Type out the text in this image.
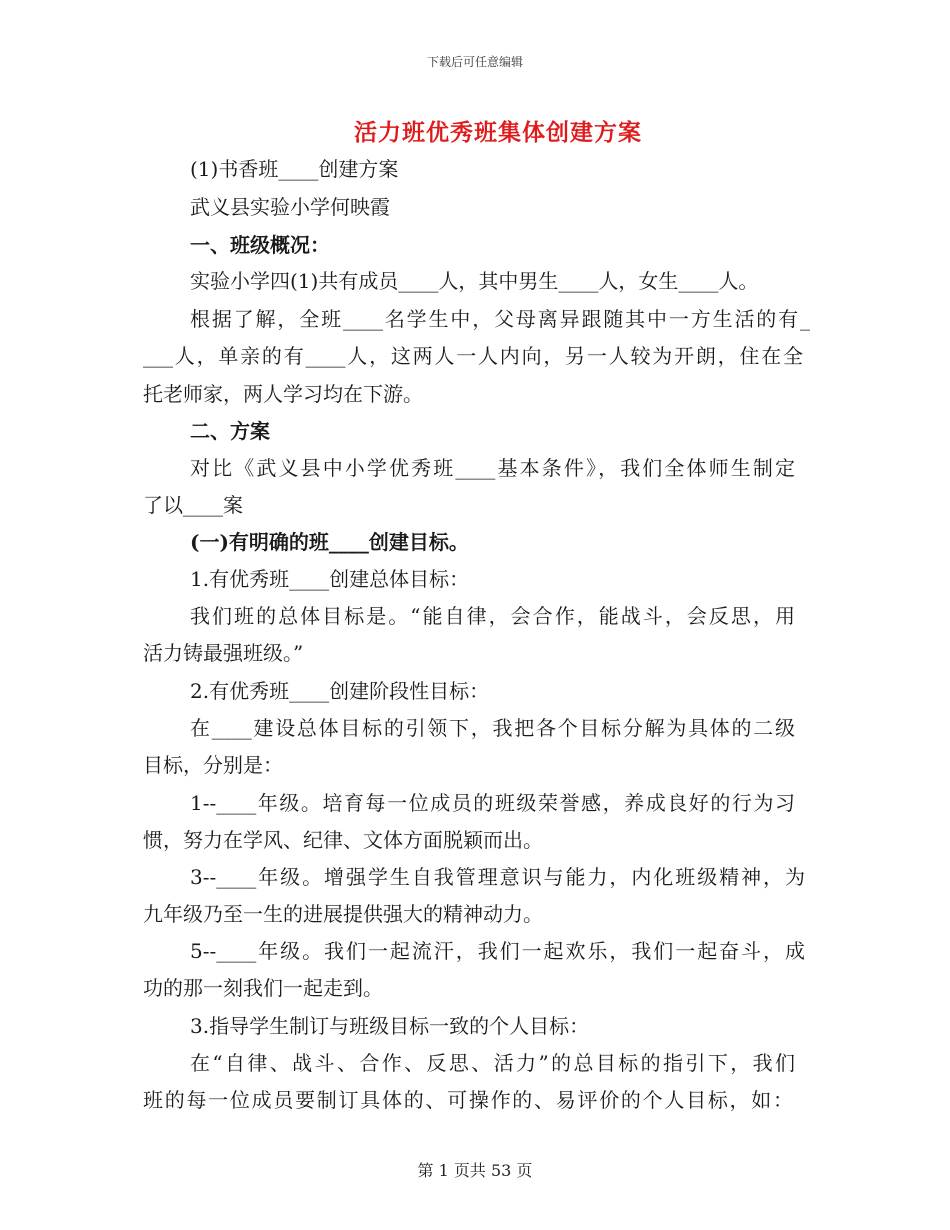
下载后可任意编辑
活力班优秀班集体创建方案
(1)书香班____创建方案
武义县实验小学何映霞
一、班级概况：
实验小学四(1)共有成员____人，其中男生____人，女生____人。
根据了解，全班____名学生中，父母离异跟随其中一方生活的有_
___人，单亲的有____人，这两人一人内向，另一人较为开朗，住在全
托老师家，两人学习均在下游。
二、方案
对比《武义县中小学优秀班____基本条件》，我们全体师生制定
了以____案
(一)有明确的班____创建目标。
1.有优秀班____创建总体目标：
我们班的总体目标是。“能自律，会合作，能战斗，会反思，用
活力铸最强班级。”
2.有优秀班____创建阶段性目标：
在____建设总体目标的引领下，我把各个目标分解为具体的二级
目标，分别是：
1--____年级。培育每一位成员的班级荣誉感，养成良好的行为习
惯，努力在学风、纪律、文体方面脱颖而出。
3--____年级。增强学生自我管理意识与能力，内化班级精神，为
九年级乃至一生的进展提供强大的精神动力。
5--____年级。我们一起流汗，我们一起欢乐，我们一起奋斗，成
功的那一刻我们一起走到。
3.指导学生制订与班级目标一致的个人目标：
在“自律、战斗、合作、反思、活力”的总目标的指引下，我们
班的每一位成员要制订具体的、可操作的、易评价的个人目标，如：
第 1 页共 53 页
